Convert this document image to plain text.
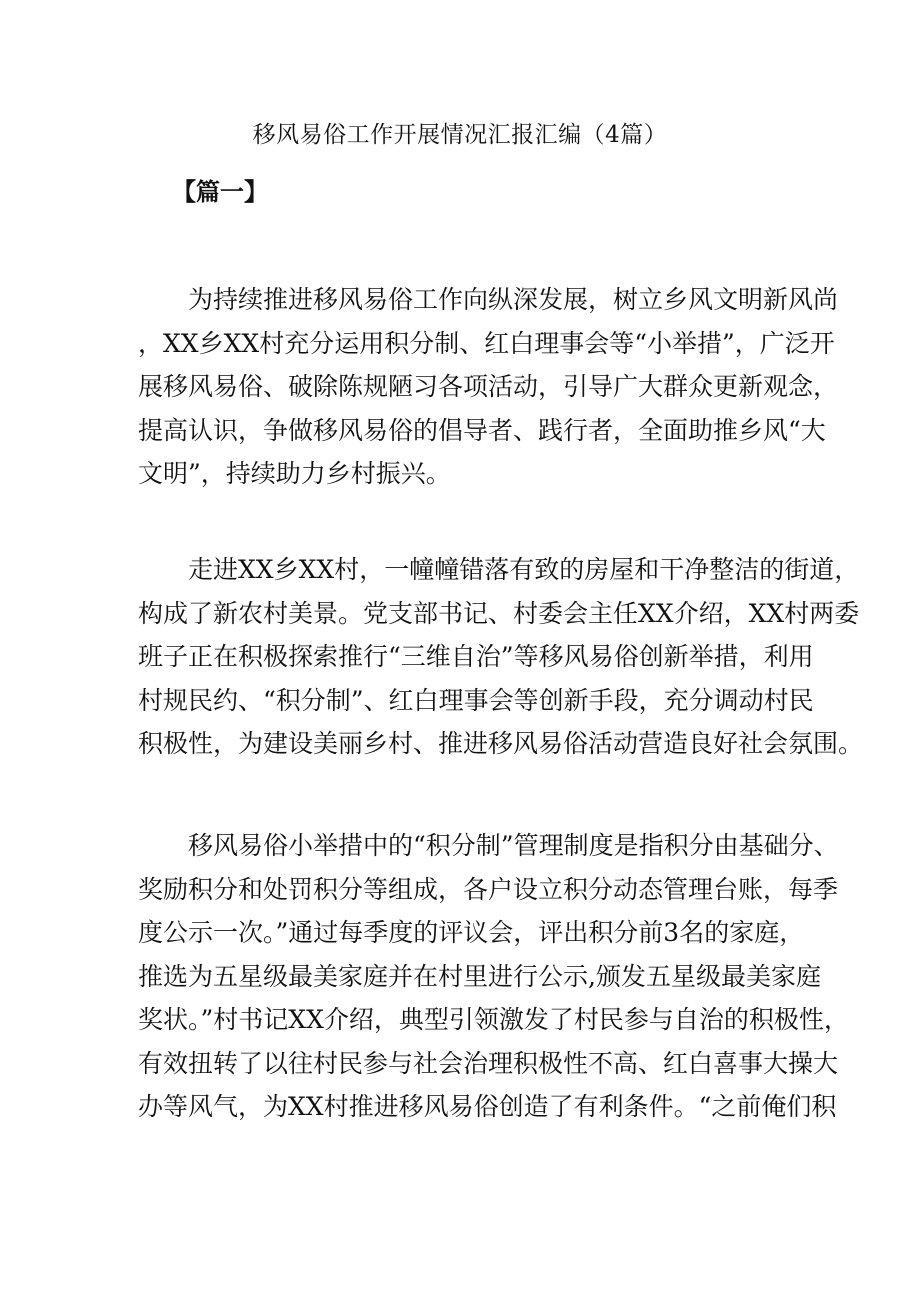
移风易俗工作开展情况汇报汇编（4篇）
【篇一】
为持续推进移风易俗工作向纵深发展，树立乡风文明新风尚
，XX乡XX村充分运用积分制、红白理事会等“小举措”，广泛开
展移风易俗、破除陈规陋习各项活动，引导广大群众更新观念，
提高认识，争做移风易俗的倡导者、践行者，全面助推乡风“大
文明”，持续助力乡村振兴。
走进XX乡XX村，一幢幢错落有致的房屋和干净整洁的街道，
构成了新农村美景。党支部书记、村委会主任XX介绍，XX村两委
班子正在积极探索推行“三维自治”等移风易俗创新举措，利用
村规民约、“积分制”、红白理事会等创新手段，充分调动村民
积极性，为建设美丽乡村、推进移风易俗活动营造良好社会氛围。
移风易俗小举措中的“积分制”管理制度是指积分由基础分、
奖励积分和处罚积分等组成，各户设立积分动态管理台账，每季
度公示一次。”通过每季度的评议会，评出积分前3名的家庭，
推选为五星级最美家庭并在村里进行公示,颁发五星级最美家庭
奖状。”村书记XX介绍，典型引领激发了村民参与自治的积极性，
有效扭转了以往村民参与社会治理积极性不高、红白喜事大操大
办等风气，为XX村推进移风易俗创造了有利条件。“之前俺们积
